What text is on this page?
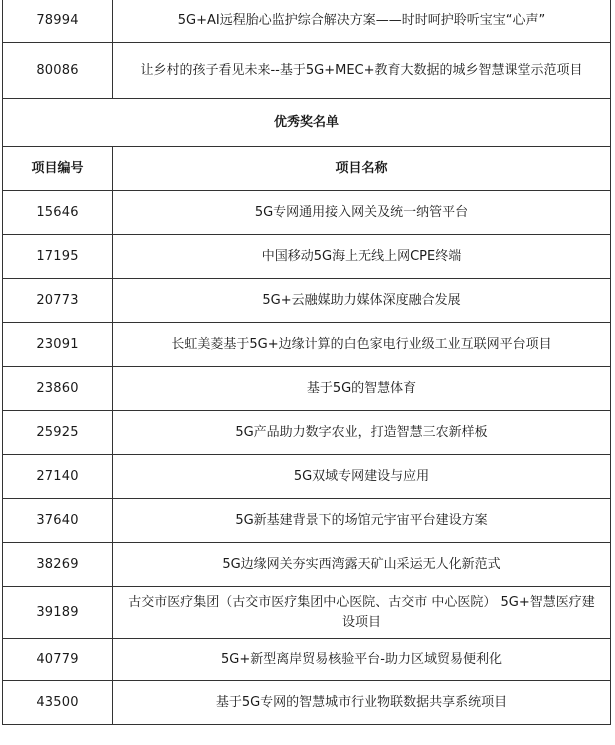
78994	5G+AI远程胎心监护综合解决方案——时时呵护聆听宝宝“心声”
80086	让乡村的孩子看见未来--基于5G+MEC+教育大数据的城乡智慧课堂示范项目
优秀奖名单	
项目编号	项目名称
15646	5G专网通用接入网关及统一纳管平台
17195	中国移动5G海上无线上网CPE终端
20773	5G+云融媒助力媒体深度融合发展
23091	长虹美菱基于5G+边缘计算的白色家电行业级工业互联网平台项目
23860	基于5G的智慧体育
25925	5G产品助力数字农业，打造智慧三农新样板
27140	5G双域专网建设与应用
37640	5G新基建背景下的场馆元宇宙平台建设方案
38269	5G边缘网关夯实西湾露天矿山采运无人化新范式
39189	古交市医疗集团（古交市医疗集团中心医院、古交市 中心医院） 5G+智慧医疗建设项目
40779	5G+新型离岸贸易核验平台-助力区域贸易便利化
43500	基于5G专网的智慧城市行业物联数据共享系统项目
